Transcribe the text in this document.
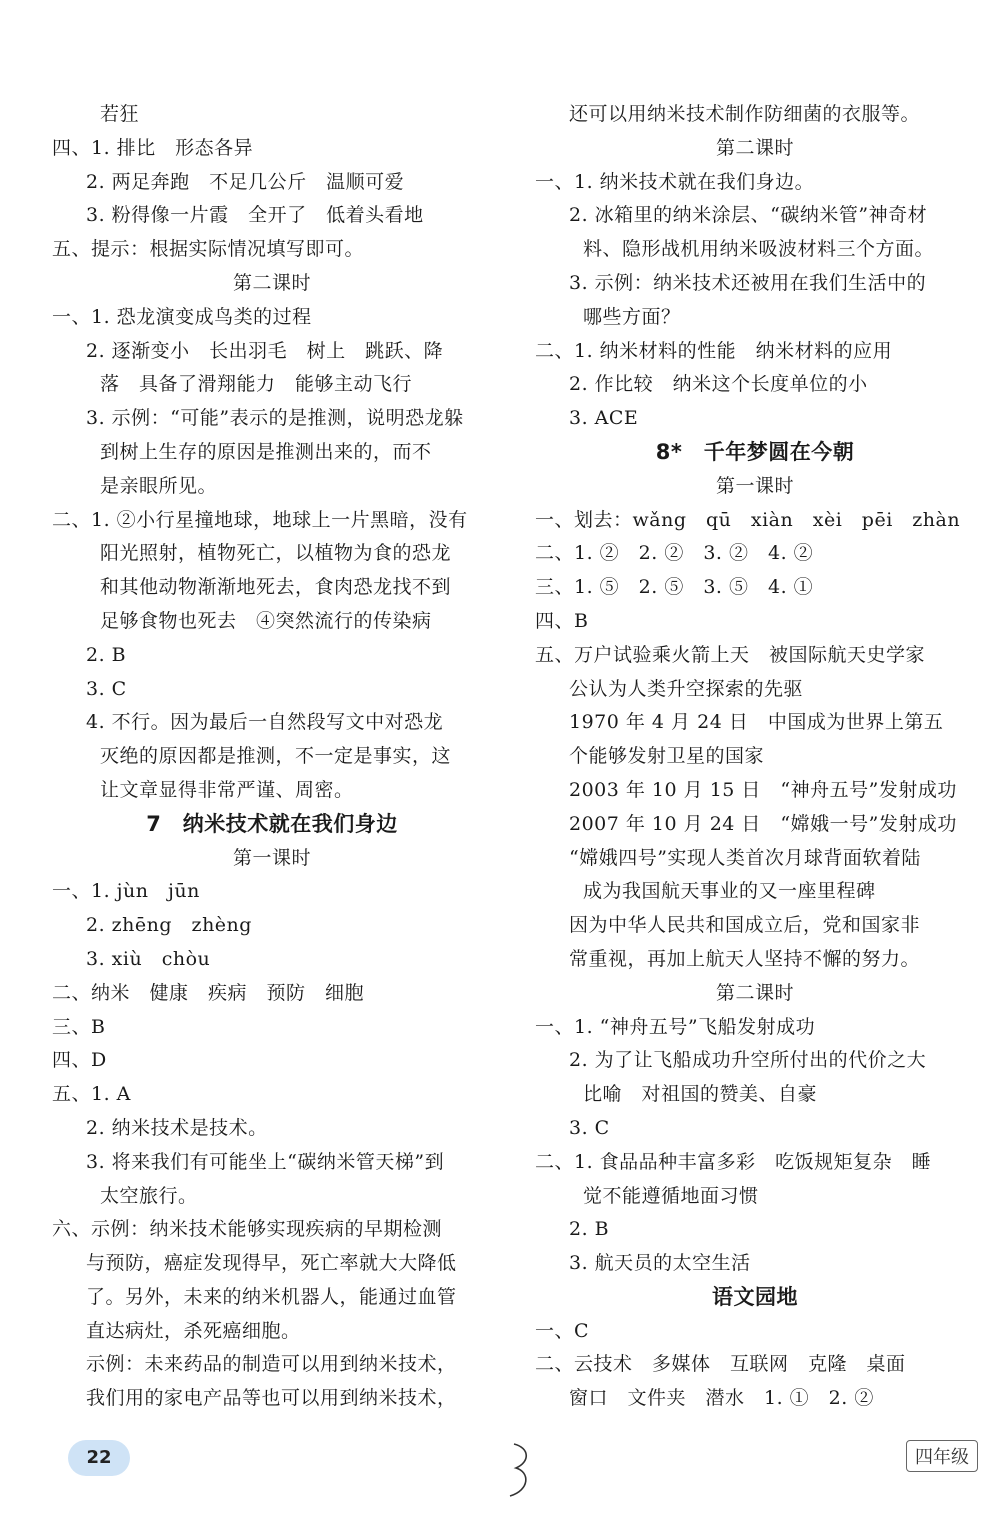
若狂
四、1. 排比　形态各异
2. 两足奔跑　不足几公斤　温顺可爱
3. 粉得像一片霞　全开了　低着头看地
五、提示：根据实际情况填写即可。
第二课时
一、1. 恐龙演变成鸟类的过程
2. 逐渐变小　长出羽毛　树上　跳跃、降
落　具备了滑翔能力　能够主动飞行
3. 示例：“可能”表示的是推测，说明恐龙躲
到树上生存的原因是推测出来的，而不
是亲眼所见。
二、1. ②小行星撞地球，地球上一片黑暗，没有
阳光照射，植物死亡，以植物为食的恐龙
和其他动物渐渐地死去，食肉恐龙找不到
足够食物也死去　④突然流行的传染病
2. B
3. C
4. 不行。因为最后一自然段写文中对恐龙
灭绝的原因都是推测，不一定是事实，这
让文章显得非常严谨、周密。
7　纳米技术就在我们身边
第一课时
一、1. jùn　jūn
2. zhēng　zhèng
3. xiù　chòu
二、纳米　健康　疾病　预防　细胞
三、B
四、D
五、1. A
2. 纳米技术是技术。
3. 将来我们有可能坐上“碳纳米管天梯”到
太空旅行。
六、示例：纳米技术能够实现疾病的早期检测
与预防，癌症发现得早，死亡率就大大降低
了。另外，未来的纳米机器人，能通过血管
直达病灶，杀死癌细胞。
示例：未来药品的制造可以用到纳米技术，
我们用的家电产品等也可以用到纳米技术，
还可以用纳米技术制作防细菌的衣服等。
第二课时
一、1. 纳米技术就在我们身边。
2. 冰箱里的纳米涂层、“碳纳米管”神奇材
料、隐形战机用纳米吸波材料三个方面。
3. 示例：纳米技术还被用在我们生活中的
哪些方面？
二、1. 纳米材料的性能　纳米材料的应用
2. 作比较　纳米这个长度单位的小
3. ACE
8*　千年梦圆在今朝
第一课时
一、划去：wǎng　qū　xiàn　xèi　pēi　zhàn
二、1. ②　2. ②　3. ②　4. ②
三、1. ⑤　2. ⑤　3. ⑤　4. ①
四、B
五、万户试验乘火箭上天　被国际航天史学家
公认为人类升空探索的先驱
1970 年 4 月 24 日　中国成为世界上第五
个能够发射卫星的国家
2003 年 10 月 15 日　“神舟五号”发射成功
2007 年 10 月 24 日　“嫦娥一号”发射成功
“嫦娥四号”实现人类首次月球背面软着陆
成为我国航天事业的又一座里程碑
因为中华人民共和国成立后，党和国家非
常重视，再加上航天人坚持不懈的努力。
第二课时
一、1. “神舟五号”飞船发射成功
2. 为了让飞船成功升空所付出的代价之大
比喻　对祖国的赞美、自豪
3. C
二、1. 食品品种丰富多彩　吃饭规矩复杂　睡
觉不能遵循地面习惯
2. B
3. 航天员的太空生活
语文园地
一、C
二、云技术　多媒体　互联网　克隆　桌面
窗口　文件夹　潜水　1. ①　2. ②
22	四年级
